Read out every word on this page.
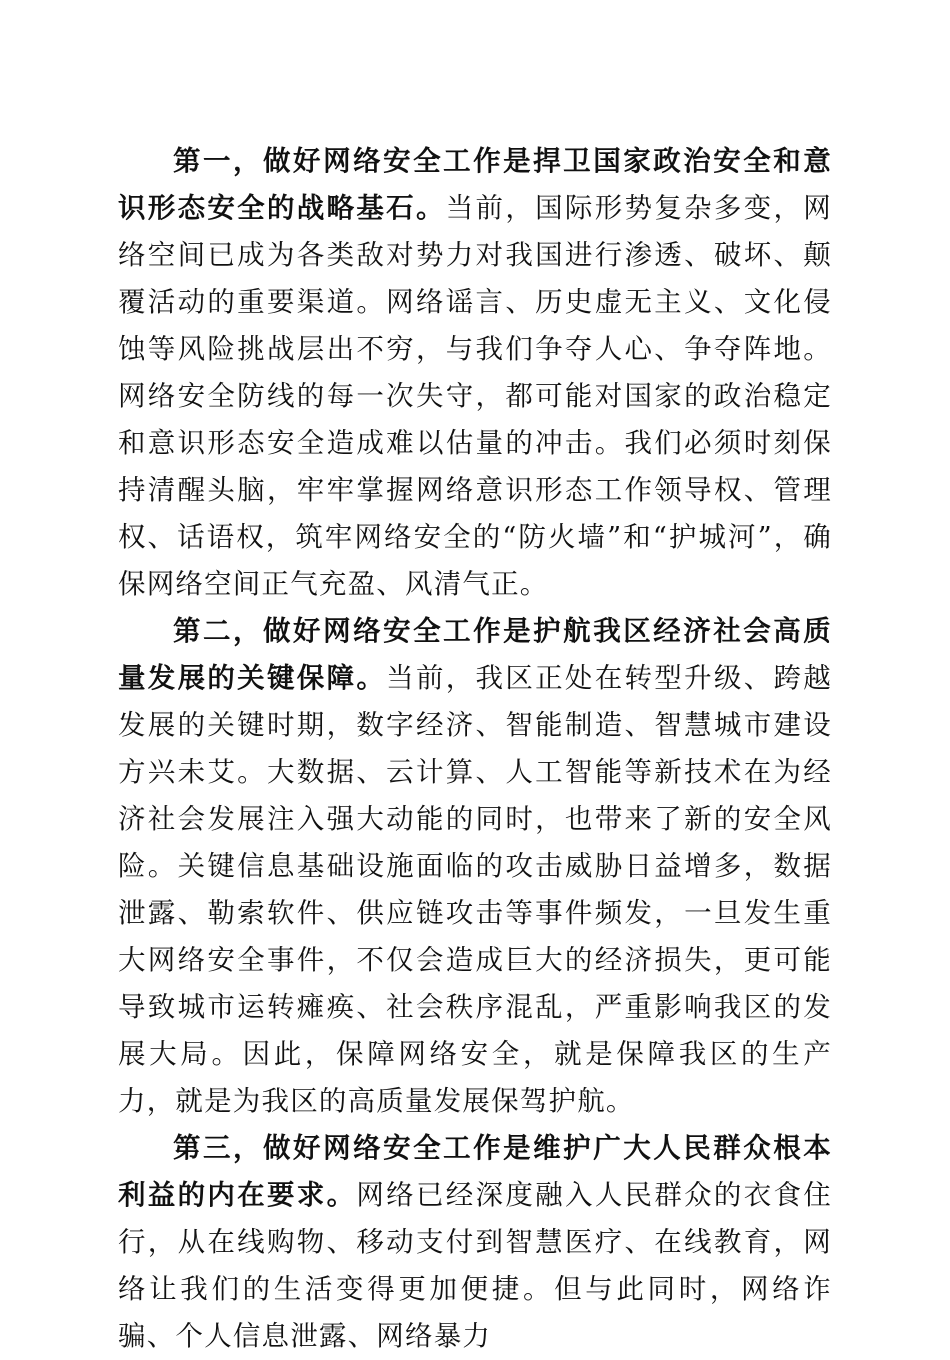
第一，做好网络安全工作是捍卫国家政治安全和意识形态安全的战略基石。当前，国际形势复杂多变，网络空间已成为各类敌对势力对我国进行渗透、破坏、颠覆活动的重要渠道。网络谣言、历史虚无主义、文化侵蚀等风险挑战层出不穷，与我们争夺人心、争夺阵地。网络安全防线的每一次失守，都可能对国家的政治稳定和意识形态安全造成难以估量的冲击。我们必须时刻保持清醒头脑，牢牢掌握网络意识形态工作领导权、管理权、话语权，筑牢网络安全的“防火墙”和“护城河”，确保网络空间正气充盈、风清气正。

第二，做好网络安全工作是护航我区经济社会高质量发展的关键保障。当前，我区正处在转型升级、跨越发展的关键时期，数字经济、智能制造、智慧城市建设方兴未艾。大数据、云计算、人工智能等新技术在为经济社会发展注入强大动能的同时，也带来了新的安全风险。关键信息基础设施面临的攻击威胁日益增多，数据泄露、勒索软件、供应链攻击等事件频发，一旦发生重大网络安全事件，不仅会造成巨大的经济损失，更可能导致城市运转瘫痪、社会秩序混乱，严重影响我区的发展大局。因此，保障网络安全，就是保障我区的生产力，就是为我区的高质量发展保驾护航。

第三，做好网络安全工作是维护广大人民群众根本利益的内在要求。网络已经深度融入人民群众的衣食住行，从在线购物、移动支付到智慧医疗、在线教育，网络让我们的生活变得更加便捷。但与此同时，网络诈骗、个人信息泄露、网络暴力
